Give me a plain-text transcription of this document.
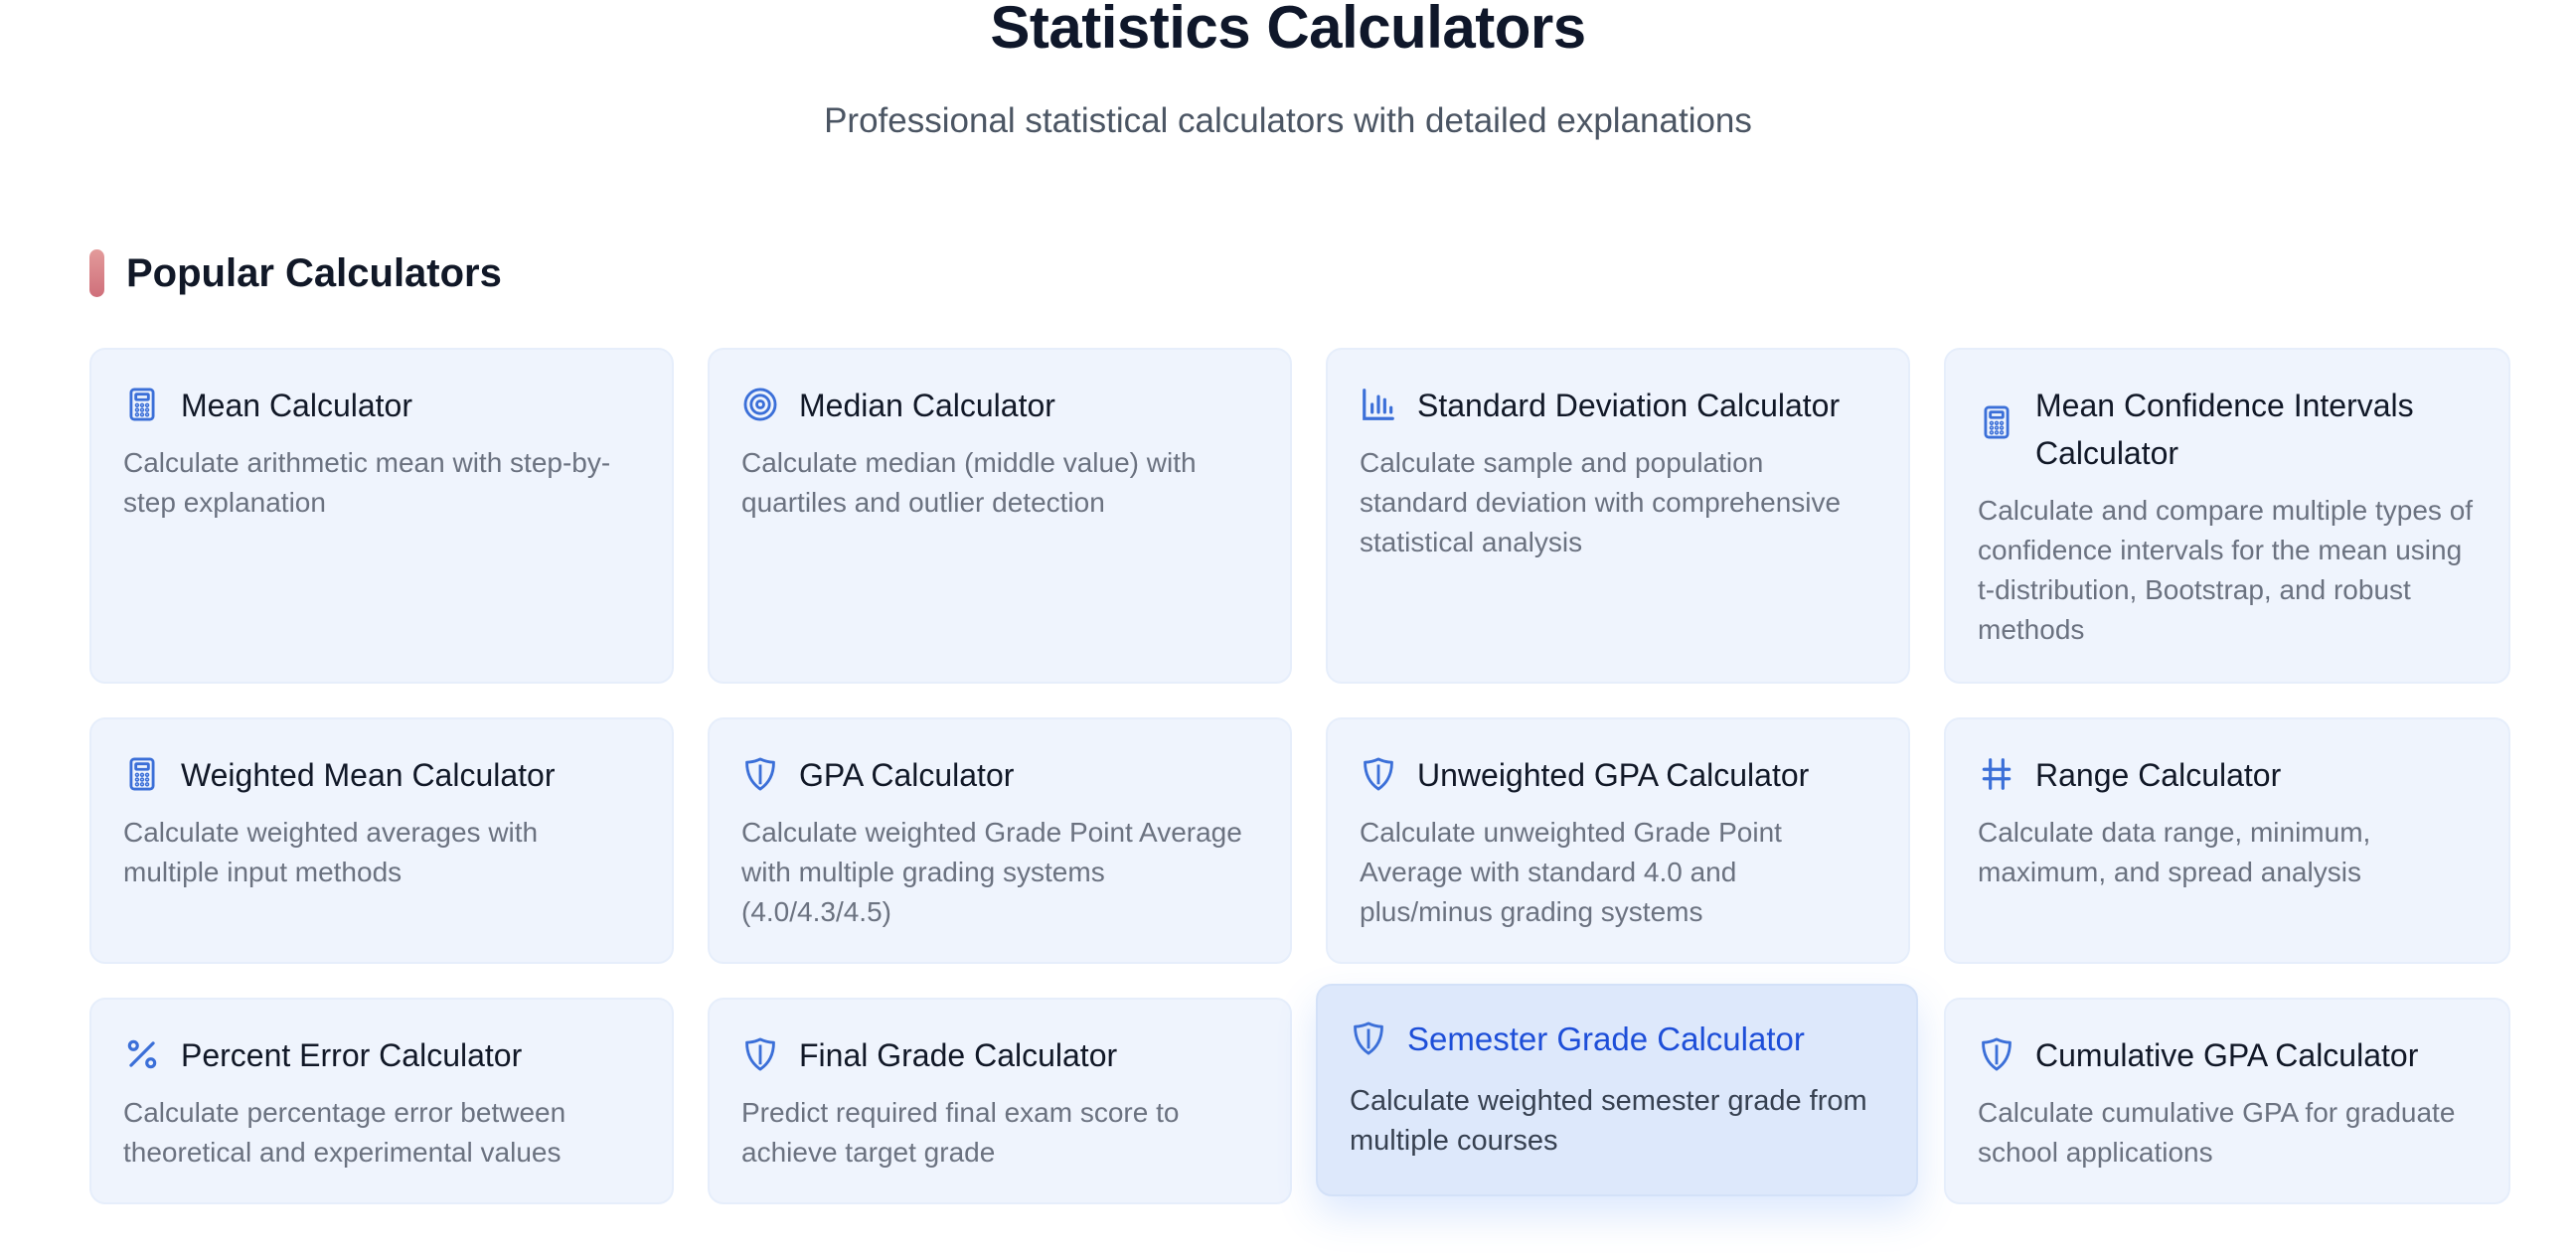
Statistics Calculators

Professional statistical calculators with detailed explanations

Popular Calculators
Mean Calculator

Calculate arithmetic mean with step-by-step explanation

Median Calculator

Calculate median (middle value) with quartiles and outlier detection

Standard Deviation Calculator

Calculate sample and population standard deviation with comprehensive statistical analysis

Mean Confidence Intervals Calculator

Calculate and compare multiple types of confidence intervals for the mean using t-distribution, Bootstrap, and robust methods

Weighted Mean Calculator

Calculate weighted averages with multiple input methods

GPA Calculator

Calculate weighted Grade Point Average with multiple grading systems (4.0/4.3/4.5)

Unweighted GPA Calculator

Calculate unweighted Grade Point Average with standard 4.0 and plus/minus grading systems

Range Calculator

Calculate data range, minimum, maximum, and spread analysis

Percent Error Calculator

Calculate percentage error between theoretical and experimental values

Final Grade Calculator

Predict required final exam score to achieve target grade

Semester Grade Calculator

Calculate weighted semester grade from multiple courses

Cumulative GPA Calculator

Calculate cumulative GPA for graduate school applications
